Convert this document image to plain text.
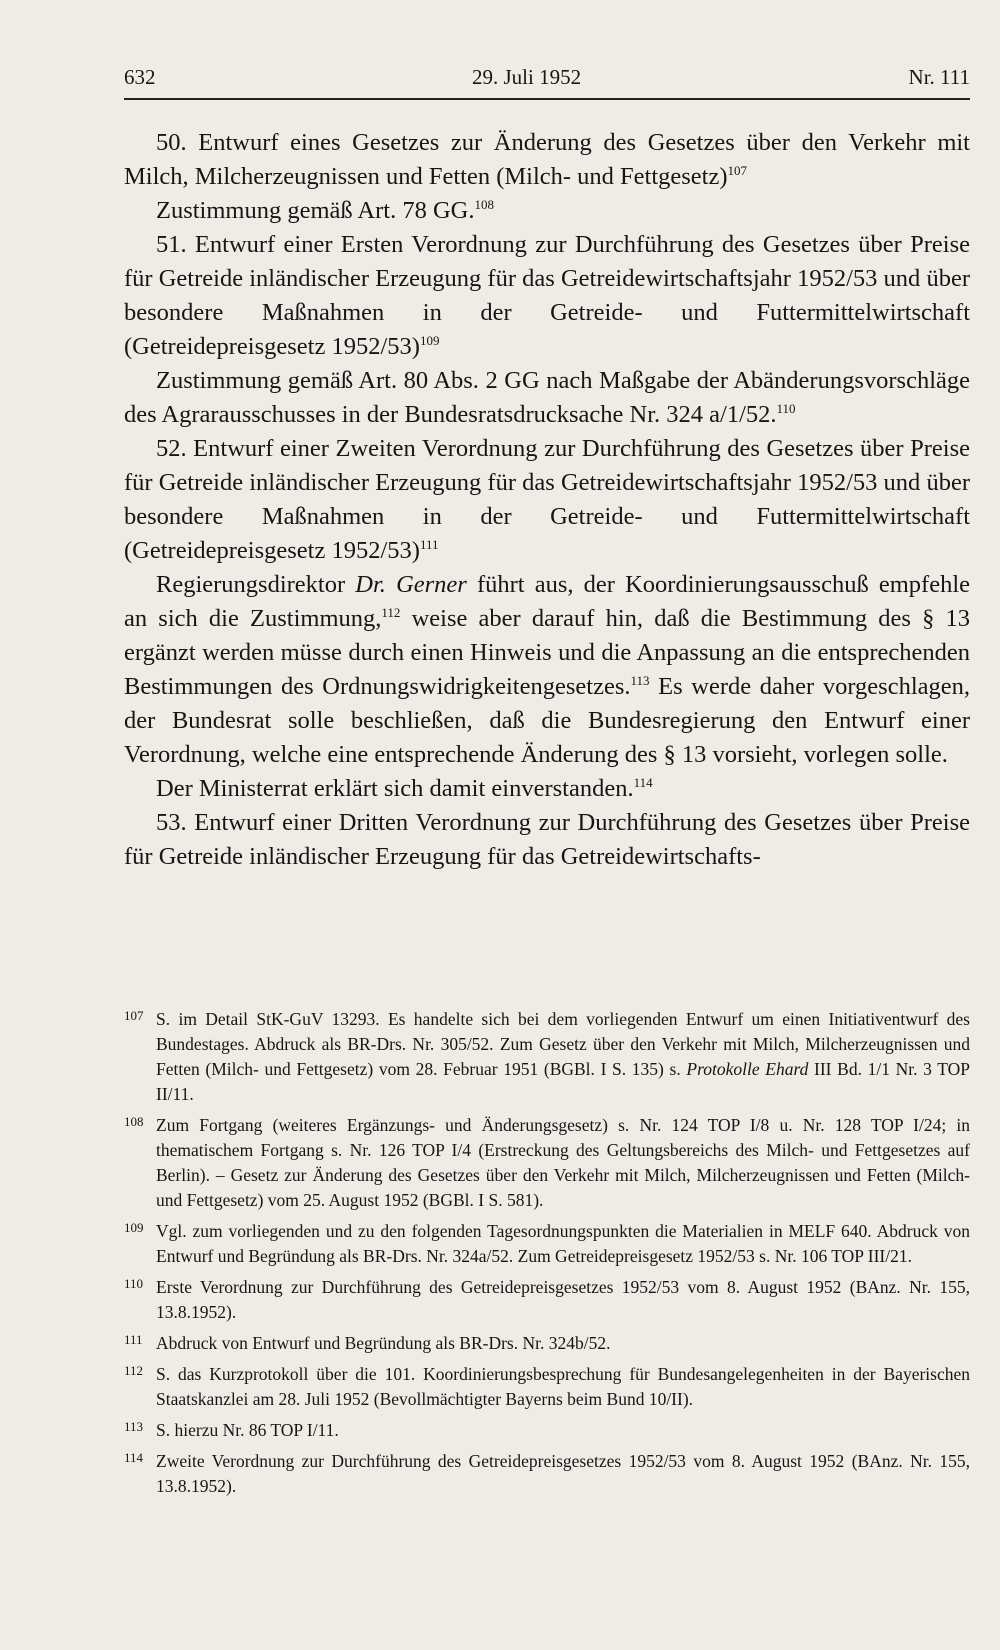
632	29. Juli 1952	Nr. 111

50. Entwurf eines Gesetzes zur Änderung des Gesetzes über den Verkehr mit Milch, Milcherzeugnissen und Fetten (Milch- und Fettgesetz)$^{107}$

Zustimmung gemäß Art. 78 GG.$^{108}$

51. Entwurf einer Ersten Verordnung zur Durchführung des Gesetzes über Preise für Getreide inländischer Erzeugung für das Getreidewirtschaftsjahr 1952/53 und über besondere Maßnahmen in der Getreide- und Futtermittelwirtschaft (Getreidepreisgesetz 1952/53)$^{109}$

Zustimmung gemäß Art. 80 Abs. 2 GG nach Maßgabe der Abänderungsvorschläge des Agrarausschusses in der Bundesratsdrucksache Nr. 324 a/1/52.$^{110}$

52. Entwurf einer Zweiten Verordnung zur Durchführung des Gesetzes über Preise für Getreide inländischer Erzeugung für das Getreidewirtschaftsjahr 1952/53 und über besondere Maßnahmen in der Getreide- und Futtermittelwirtschaft (Getreidepreisgesetz 1952/53)$^{111}$

Regierungsdirektor Dr. Gerner führt aus, der Koordinierungsausschuß empfehle an sich die Zustimmung,$^{112}$ weise aber darauf hin, daß die Bestimmung des § 13 ergänzt werden müsse durch einen Hinweis und die Anpassung an die entsprechenden Bestimmungen des Ordnungswidrigkeitengesetzes.$^{113}$ Es werde daher vorgeschlagen, der Bundesrat solle beschließen, daß die Bundesregierung den Entwurf einer Verordnung, welche eine entsprechende Änderung des § 13 vorsieht, vorlegen solle.

Der Ministerrat erklärt sich damit einverstanden.$^{114}$

53. Entwurf einer Dritten Verordnung zur Durchführung des Gesetzes über Preise für Getreide inländischer Erzeugung für das Getreidewirtschafts-

107 S. im Detail StK-GuV 13293. Es handelte sich bei dem vorliegenden Entwurf um einen Initiativentwurf des Bundestages. Abdruck als BR-Drs. Nr. 305/52. Zum Gesetz über den Verkehr mit Milch, Milcherzeugnissen und Fetten (Milch- und Fettgesetz) vom 28. Februar 1951 (BGBl. I S. 135) s. Protokolle Ehard III Bd. 1/1 Nr. 3 TOP II/11.

108 Zum Fortgang (weiteres Ergänzungs- und Änderungsgesetz) s. Nr. 124 TOP I/8 u. Nr. 128 TOP I/24; in thematischem Fortgang s. Nr. 126 TOP I/4 (Erstreckung des Geltungsbereichs des Milch- und Fettgesetzes auf Berlin). – Gesetz zur Änderung des Gesetzes über den Verkehr mit Milch, Milcherzeugnissen und Fetten (Milch- und Fettgesetz) vom 25. August 1952 (BGBl. I S. 581).

109 Vgl. zum vorliegenden und zu den folgenden Tagesordnungspunkten die Materialien in MELF 640. Abdruck von Entwurf und Begründung als BR-Drs. Nr. 324a/52. Zum Getreidepreisgesetz 1952/53 s. Nr. 106 TOP III/21.

110 Erste Verordnung zur Durchführung des Getreidepreisgesetzes 1952/53 vom 8. August 1952 (BAnz. Nr. 155, 13.8.1952).

111 Abdruck von Entwurf und Begründung als BR-Drs. Nr. 324b/52.

112 S. das Kurzprotokoll über die 101. Koordinierungsbesprechung für Bundesangelegenheiten in der Bayerischen Staatskanzlei am 28. Juli 1952 (Bevollmächtigter Bayerns beim Bund 10/II).

113 S. hierzu Nr. 86 TOP I/11.

114 Zweite Verordnung zur Durchführung des Getreidepreisgesetzes 1952/53 vom 8. August 1952 (BAnz. Nr. 155, 13.8.1952).
